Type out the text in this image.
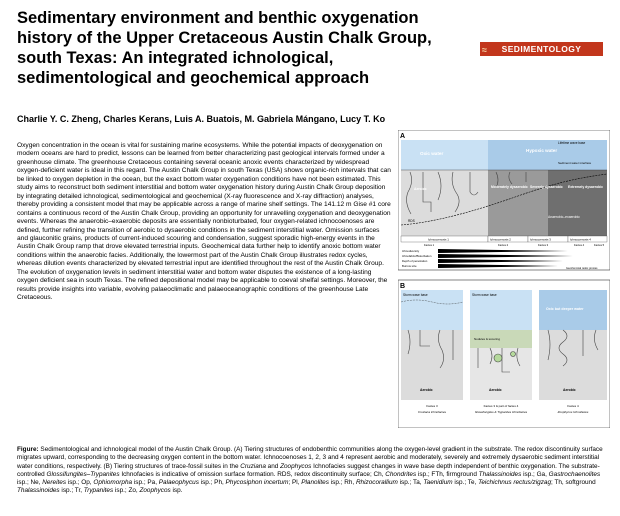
Sedimentary environment and benthic oxygenation history of the Upper Cretaceous Austin Chalk Group, south Texas: An integrated ichnological, sedimentological and geochemical approach
≈ SEDIMENTOLOGY
Charlie Y. C. Zheng, Charles Kerans, Luis A. Buatois, M. Gabriela Mángano, Lucy T. Ko

Oxygen concentration in the ocean is vital for sustaining marine ecosystems. While the potential impacts of deoxygenation on modern oceans are hard to predict, lessons can be learned from better characterizing past geological intervals formed under a greenhouse climate. The greenhouse Cretaceous containing several oceanic anoxic events characterized by widespread oxygen-deficient water is ideal in this regard. The Austin Chalk Group in south Texas (USA) shows organic-rich intervals that can be linked to oxygen depletion in the ocean, but the exact bottom water oxygenation conditions have not been estimated. This study aims to reconstruct both sediment interstitial and bottom water oxygenation history during Austin Chalk Group deposition by integrating detailed ichnological, sedimentological and geochemical (X-ray fluorescence and X-ray diffraction) analyses, thereby providing a consistent model that may be applicable across a range of marine shelf settings. The 141.12 m Gise #1 core contains a continuous record of the Austin Chalk Group, providing an opportunity for unravelling oxygenation and deoxygenation events. Whereas the anaerobic–exaerobic deposits are essentially nonbioturbated, four oxygen-related ichnocoenoses are defined, further refining the transition of aerobic to dysaerobic conditions in the sediment interstitial water. Omission surfaces and glauconitic grains, products of current-induced scouring and condensation, suggest sporadic high-energy events in the Austin Chalk Group ramp that drove elevated terrestrial inputs. Geochemical data further help to identify anoxic bottom water conditions within the anaerobic facies. Additionally, the lowermost part of the Austin Chalk Group illustrates redox cycles, whereas dilution events characterized by elevated terrestrial input are identified throughout the rest of the Austin Chalk Group. The evolution of oxygenation levels in sediment interstitial water and bottom water disputes the existence of a long-lasting oxygen deficient sea in south Texas. The refined depositional model may be applicable to coeval shelfal settings. Moreover, the results provide insights into variable, evolving palaeoclimatic and palaeoceanographic conditions of the greenhouse Late Cretaceous.

A
Oxic water
Hypoxic water
Lifetime wave base
Sediment water interface
RDS
Aerobic	Moderately dysaerobic Severely dysaerobic Extremely dysaerobic
Anaerobic–exaerobic
Ichnocoenosis 1	Ichnocoenosis 2	Ichnocoenosis 3	Ichnocoenosis 4
Facies 1	Facies 2	Facies 3	Facies 4	Facies 5
Ichnodiversity
Ichnofabric/Bioturbation
Depth of penetration
Burrow size
Geochemical redox proxies
B
Storm wave base
Aerobic
Storm wave base
Nodules & scouring
Aerobic
Oxic but deeper water
Aerobic
Facies 3
Cruziana Ichnofacies
Facies 3 & part of facies 4
Glossifungites & Trypanites Ichnofacies
Facies 4
Zoophycos Ichnofacies

Figure: Sedimentological and ichnological model of the Austin Chalk Group. (A) Tiering structures of endobenthic communities along the oxygen-level gradient in the substrate. The redox discontinuity surface migrates upward, corresponding to the decreasing oxygen content in the bottom water. Ichnocoenoses 1, 2, 3 and 4 represent aerobic and moderately, severely and extremely dysaerobic sediment interstitial water conditions, respectively. (B) Tiering structures of trace-fossil suites in the Cruziana and Zoophycos Ichnofacies suggest changes in wave base depth independent of benthic oxygenation. The substrate-controlled Glossifungites–Trypanites Ichnofacies is indicative of omission surface formation. RDS, redox discontinuity surface; Ch, Chondrites isp.; FTh, firmground Thalassinoides isp.; Ga, Gastrochaenolites isp.; Ne, Nereites isp.; Op, Ophiomorpha isp.; Pa, Palaeophycus isp.; Ph, Phycosiphon incertum; Pl, Planolites isp.; Rh, Rhizocorallium isp.; Ta, Taenidium isp.; Te, Teichichnus rectus/zigzag; Th, softground Thalassinoides isp.; Tr, Trypanites isp.; Zo, Zoophycos isp.
